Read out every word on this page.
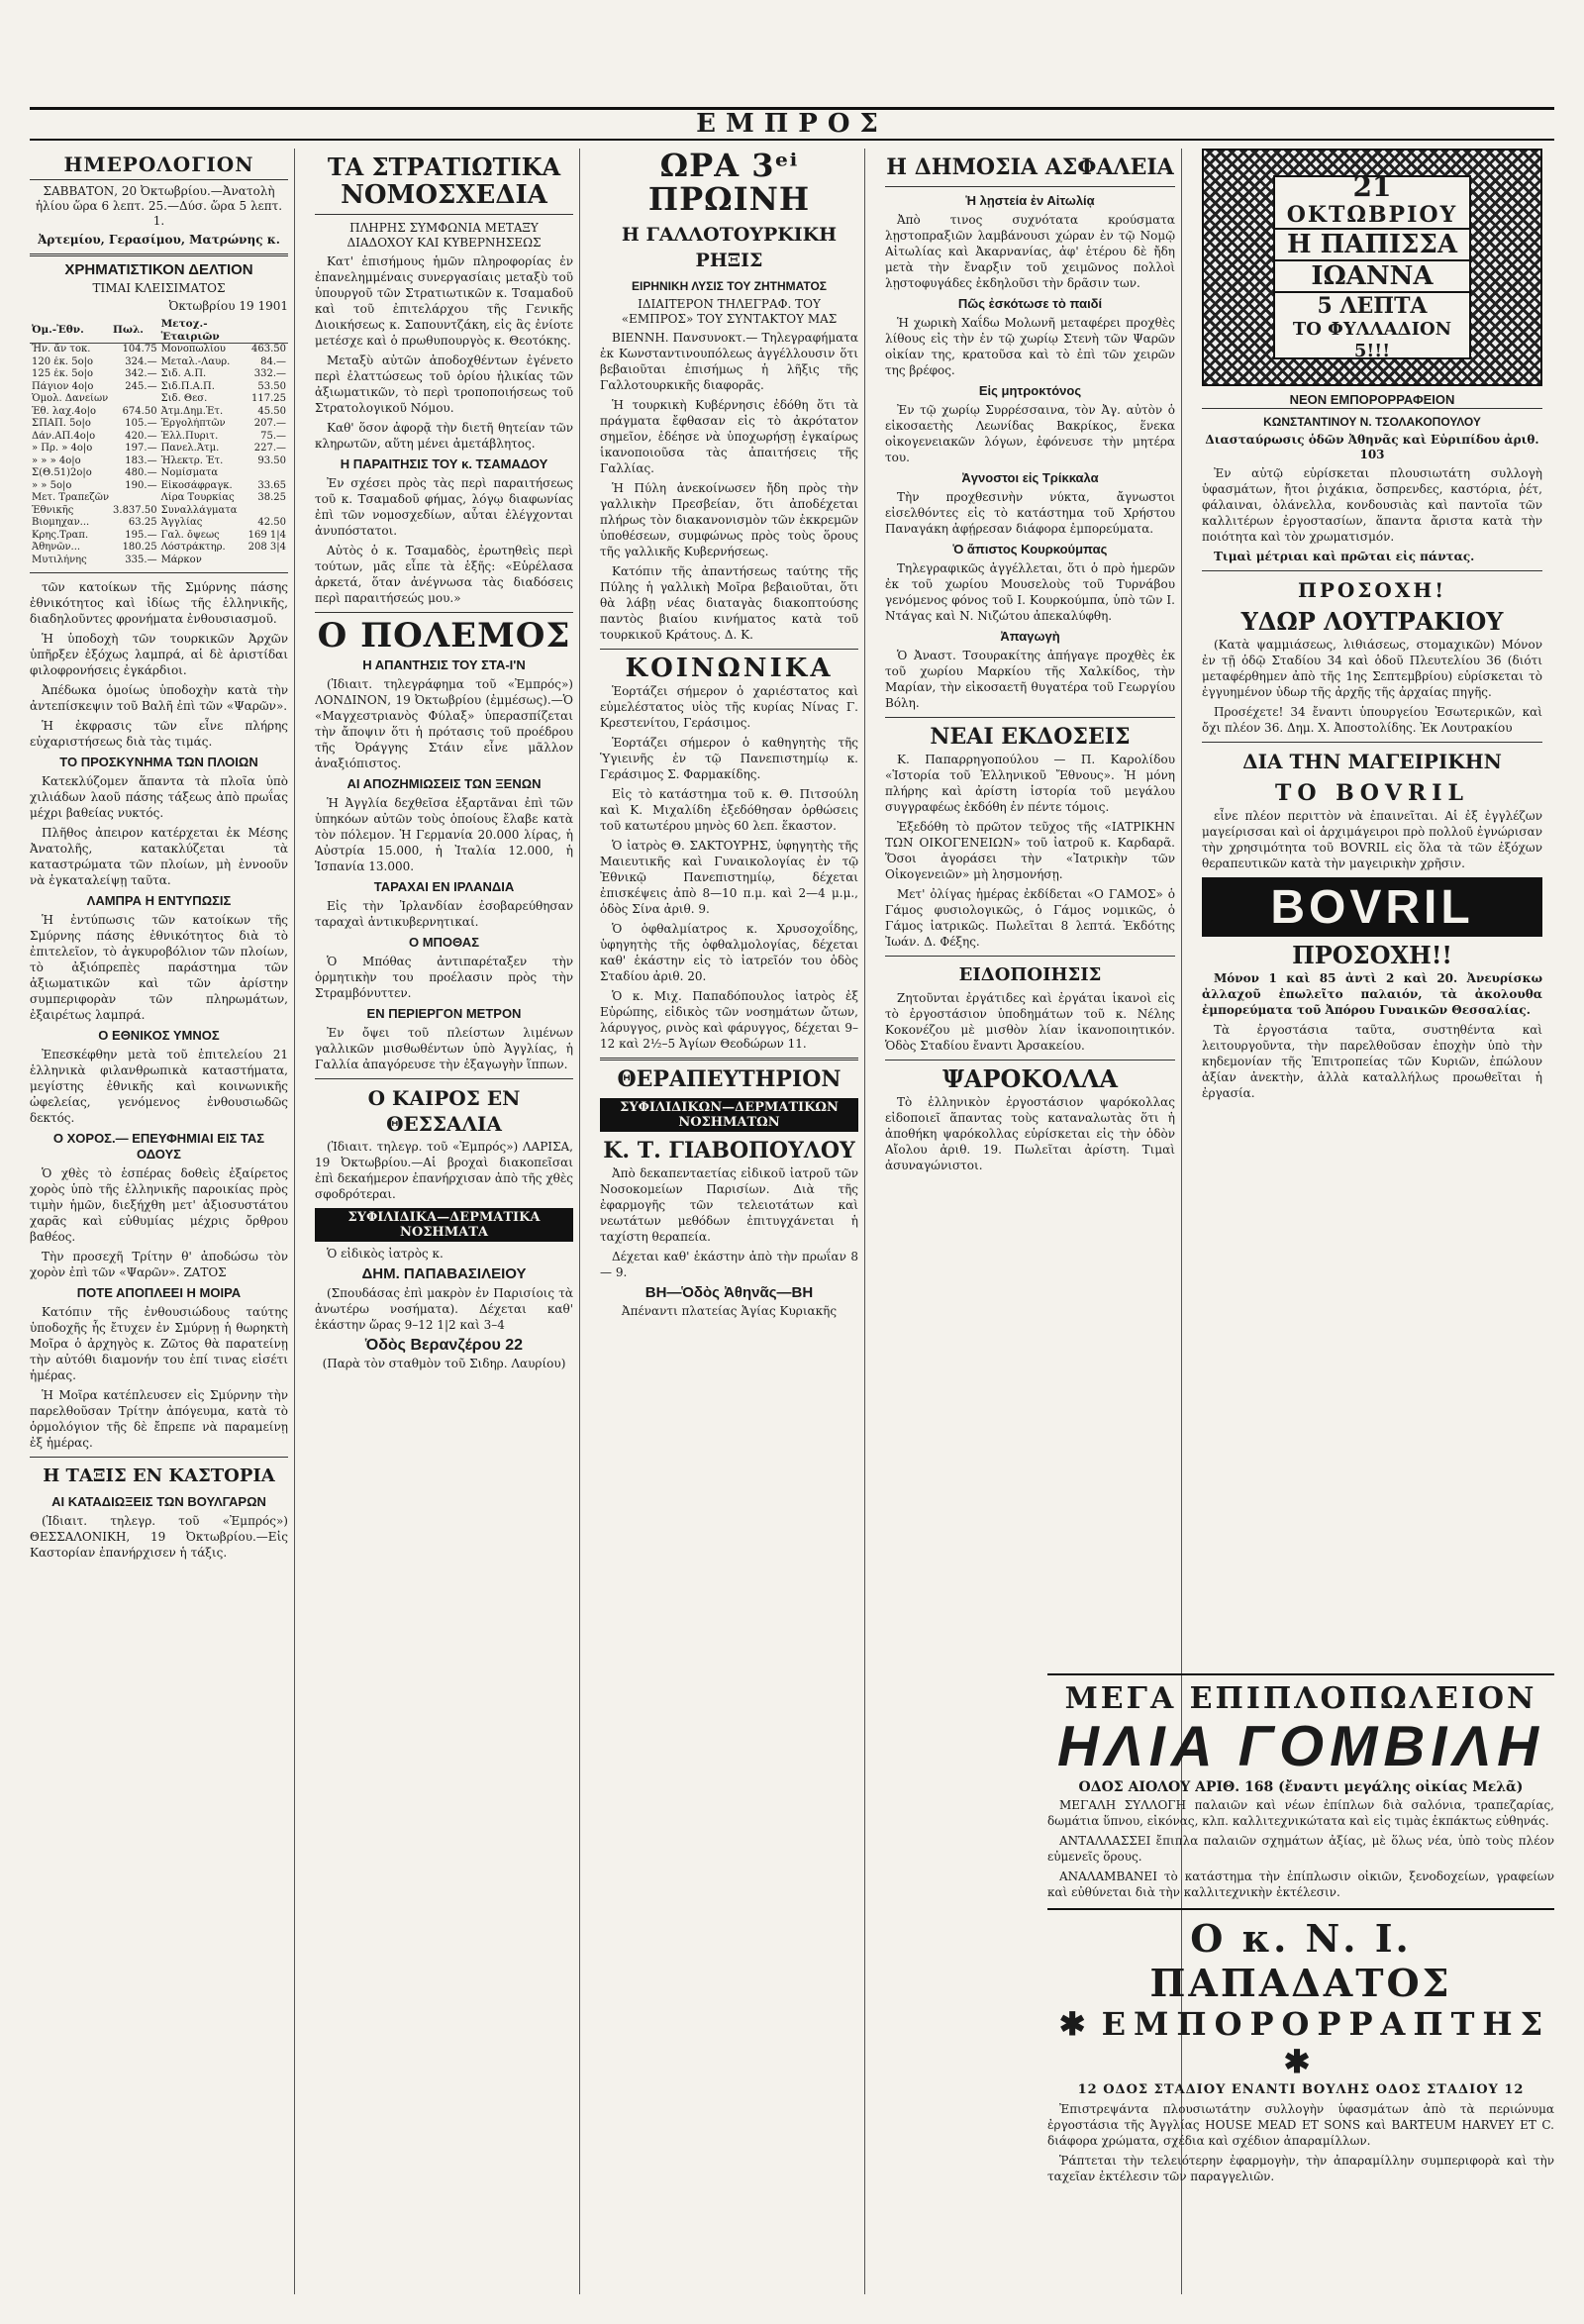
ΕΜΠΡΟΣ
ΗΜΕΡΟΛΟΓΙΟΝ
ΣΑΒΒΑΤΟΝ, 20 Ὀκτωβρίου.—Ἀνατολὴ ἡλίου ὥρα 6 λεπτ. 25.—Δύσ. ὥρα 5 λεπτ. 1.
Ἀρτεμίου, Γερασίμου, Ματρώνης κ.
ΧΡΗΜΑΤΙΣΤΙΚΟΝ ΔΕΛΤΙΟΝ
ΤΙΜΑΙ ΚΛΕΙΣΙΜΑΤΟΣ
Ὀκτωβρίου 19 1901
Ὀμ.-Ἐθν.	Πωλ.	Μετοχ.-Ἑταιριῶν	
Ἠν. ἄν τοκ.	104.75	Μονοπωλίου	463.50
120 ἐκ. 5ο|ο	324.—	Μεταλ.-Λαυρ.	84.—
125 ἐκ. 5ο|ο	342.—	Σιδ. Α.Π.	332.—
Πάγιον 4ο|ο	245.—	Σιδ.Π.Α.Π.	53.50
Ὁμολ. Δανείων		Σιδ. Θεσ.	117.25
Ἐθ. λαχ.4ο|ο	674.50	Ἀτμ.Δημ.Ἐτ.	45.50
ΣΠΑΠ. 5ο|ο	105.—	Ἐργολήπτῶν	207.—
Δάν.ΑΠ.4ο|ο	420.—	Ἐλλ.Πυριτ.	75.—
» Πρ. » 4ο|ο	197.—	Πανελ.Ἀτμ.	227.—
» » » 4ο|ο	183.—	Ἠλεκτρ. Ἐτ.	93.50
Σ(Θ.51)2ο|ο	480.—	Νομίσματα	
» » 5ο|ο	190.—	Εἰκοσάφραγκ.	33.65
Μετ. Τραπεζῶν		Λίρα Τουρκίας	38.25
Ἐθνικῆς	3.837.50	Συναλλάγματα	
Βιομηχαν...	63.25	Ἀγγλίας	42.50
Κρης.Τραπ.	195.—	Γαλ. ὄψεως	169 1|4
Ἀθηνῶν...	180.25	Λόστράκτηρ.	208 3|4
Μυτιλήνης	335.—	Μάρκον	

τῶν κατοίκων τῆς Σμύρνης πάσης ἐθνικότητος καὶ ἰδίως τῆς ἑλληνικῆς, διαδηλοῦντες φρονήματα ἐνθουσιασμοῦ.

Ἡ ὑποδοχὴ τῶν τουρκικῶν Ἀρχῶν ὑπῆρξεν ἐξόχως λαμπρά, αἱ δὲ ἀριστίδαι φιλοφρονήσεις ἐγκάρδιοι.

Ἀπέδωκα ὁμοίως ὑποδοχὴν κατὰ τὴν ἀντεπίσκεψιν τοῦ Βαλῆ ἐπὶ τῶν «Ψαρῶν».

Ἡ ἐκφρασις τῶν εἶνε πλήρης εὐχαριστήσεως διὰ τὰς τιμάς.

ΤΟ ΠΡΟΣΚΥΝΗΜΑ ΤΩΝ ΠΛΟΙΩΝ

Κατεκλύζομεν ἅπαντα τὰ πλοῖα ὑπὸ χιλιάδων λαοῦ πάσης τάξεως ἀπὸ πρωΐας μέχρι βαθείας νυκτός.

Πλῆθος ἀπειρον κατέρχεται ἐκ Μέσης Ἀνατολῆς, κατακλύζεται τὰ καταστρώματα τῶν πλοίων, μὴ ἐννοοῦν νὰ ἐγκαταλείψῃ ταῦτα.

ΛΑΜΠΡΑ Η ΕΝΤΥΠΩΣΙΣ

Ἡ ἐντύπωσις τῶν κατοίκων τῆς Σμύρνης πάσης ἐθνικότητος διὰ τὸ ἐπιτελεῖον, τὸ ἀγκυροβόλιον τῶν πλοίων, τὸ ἀξιόπρεπὲς παράστημα τῶν ἀξιωματικῶν καὶ τῶν ἀρίστην συμπεριφορὰν τῶν πληρωμάτων, ἐξαιρέτως λαμπρά.

Ο ΕΘΝΙΚΟΣ ΥΜΝΟΣ

Ἐπεσκέφθην μετὰ τοῦ ἐπιτελείου 21 ἑλληνικὰ φιλανθρωπικὰ καταστήματα, μεγίστης ἐθνικῆς καὶ κοινωνικῆς ὠφελείας, γενόμενος ἐνθουσιωδῶς δεκτός.

Ο ΧΟΡΟΣ.— ΕΠΕΥΦΗΜΙΑΙ ΕΙΣ ΤΑΣ ΟΔΟΥΣ

Ὁ χθὲς τὸ ἑσπέρας δοθεὶς ἐξαίρετος χορὸς ὑπὸ τῆς ἑλληνικῆς παροικίας πρὸς τιμὴν ἡμῶν, διεξήχθη μετ' ἀξιοσυστάτου χαρᾶς καὶ εὐθυμίας μέχρις ὄρθρου βαθέος.

Τὴν προσεχῆ Τρίτην θ' ἀποδώσω τὸν χορὸν ἐπὶ τῶν «Ψαρῶν». ΖΑΤΟΣ

ΠΟΤΕ ΑΠΟΠΛΕΕΙ Η ΜΟΙΡΑ

Κατόπιν τῆς ἐνθουσιώδους ταύτης ὑποδοχῆς ἧς ἔτυχεν ἐν Σμύρνῃ ἡ θωρηκτὴ Μοῖρα ὁ ἀρχηγὸς κ. Ζῶτος θὰ παρατείνῃ τὴν αὐτόθι διαμονήν του ἐπί τινας εἰσέτι ἡμέρας.

Ἡ Μοῖρα κατέπλευσεν εἰς Σμύρνην τὴν παρελθοῦσαν Τρίτην ἀπόγευμα, κατὰ τὸ ὁρμολόγιον τῆς δὲ ἔπρεπε νὰ παραμείνῃ ἐξ ἡμέρας.

Η ΤΑΞΙΣ ΕΝ ΚΑΣΤΟΡΙΑ
ΑΙ ΚΑΤΑΔΙΩΞΕΙΣ ΤΩΝ ΒΟΥΛΓΑΡΩΝ

(Ἰδιαιτ. τηλεγρ. τοῦ «Ἐμπρός») ΘΕΣΣΑΛΟΝΙΚΗ, 19 Ὀκτωβρίου.—Εἰς Καστορίαν ἐπανήρχισεν ἡ τάξις.

ΤΑ ΣΤΡΑΤΙΩΤΙΚΑ
ΝΟΜΟΣΧΕΔΙΑ
ΠΛΗΡΗΣ ΣΥΜΦΩΝΙΑ ΜΕΤΑΞΥ ΔΙΑΔΟΧΟΥ ΚΑΙ ΚΥΒΕΡΝΗΣΕΩΣ

Κατ' ἐπισήμους ἡμῶν πληροφορίας ἐν ἐπανελημμέναις συνεργασίαις μεταξὺ τοῦ ὑπουργοῦ τῶν Στρατιωτικῶν κ. Τσαμαδοῦ καὶ τοῦ ἐπιτελάρχου τῆς Γενικῆς Διοικήσεως κ. Σαπουντζάκη, εἰς ἃς ἐνίοτε μετέσχε καὶ ὁ πρωθυπουργὸς κ. Θεοτόκης.

Μεταξὺ αὐτῶν ἀποδοχθέντων ἐγένετο περὶ ἐλαττώσεως τοῦ ὁρίου ἡλικίας τῶν ἀξιωματικῶν, τὸ περὶ τροποποιήσεως τοῦ Στρατολογικοῦ Νόμου.

Καθ' ὅσον ἀφορᾷ τὴν διετῆ θητείαν τῶν κληρωτῶν, αὕτη μένει ἀμετάβλητος.

Η ΠΑΡΑΙΤΗΣΙΣ ΤΟΥ κ. ΤΣΑΜΑΔΟΥ

Ἐν σχέσει πρὸς τὰς περὶ παραιτήσεως τοῦ κ. Τσαμαδοῦ φήμας, λόγῳ διαφωνίας ἐπὶ τῶν νομοσχεδίων, αὗται ἐλέγχονται ἀνυπόστατοι.

Αὐτὸς ὁ κ. Τσαμαδὸς, ἐρωτηθεὶς περὶ τούτων, μᾶς εἶπε τὰ ἑξῆς: «Εὑρέλασα ἀρκετά, ὅταν ἀνέγνωσα τὰς διαδόσεις περὶ παραιτήσεώς μου.»

Ο ΠΟΛΕΜΟΣ
Η ΑΠΑΝΤΗΣΙΣ ΤΟΥ ΣΤΑ-Ι'Ν

(Ἰδιαιτ. τηλεγράφημα τοῦ «Ἐμπρός») ΛΟΝΔΙΝΟΝ, 19 Ὀκτωβρίου (ἐμμέσως).—Ὁ «Μαγχεστριανὸς Φύλαξ» ὑπερασπίζεται τὴν ἄποψιν ὅτι ἡ πρότασις τοῦ προέδρου τῆς Ὀράγγης Στάιν εἶνε μᾶλλον ἀναξιόπιστος.

ΑΙ ΑΠΟΖΗΜΙΩΣΕΙΣ ΤΩΝ ΞΕΝΩΝ

Ἡ Ἀγγλία δεχθεῖσα ἐξαρτᾶναι ἐπὶ τῶν ὑπηκόων αὐτῶν τοὺς ὁποίους ἔλαβε κατὰ τὸν πόλεμον. Ἡ Γερμανία 20.000 λίρας, ἡ Αὐστρία 15.000, ἡ Ἰταλία 12.000, ἡ Ἱσπανία 13.000.

ΤΑΡΑΧΑΙ ΕΝ ΙΡΛΑΝΔΙΑ

Εἰς τὴν Ἰρλανδίαν ἐσοβαρεύθησαν ταραχαὶ ἀντικυβερνητικαί.

Ο ΜΠΟΘΑΣ

Ὁ Μπόθας ἀντιπαρέταξεν τὴν ὁρμητικὴν του προέλασιν πρὸς τὴν Στραμβόνυττεν.

ΕΝ ΠΕΡΙΕΡΓΟΝ ΜΕΤΡΟΝ

Ἐν ὄψει τοῦ πλείστων λιμένων γαλλικῶν μισθωθέντων ὑπὸ Ἀγγλίας, ἡ Γαλλία ἀπαγόρευσε τὴν ἐξαγωγὴν ἵππων.

Ο ΚΑΙΡΟΣ ΕΝ ΘΕΣΣΑΛΙΑ

(Ἰδιαιτ. τηλεγρ. τοῦ «Ἐμπρός») ΛΑΡΙΣΑ, 19 Ὀκτωβρίου.—Αἱ βροχαὶ διακοπεῖσαι ἐπὶ δεκαήμερον ἐπανήρχισαν ἀπὸ τῆς χθὲς σφοδρότεραι.

ΣΥΦΙΛΙΔΙΚΑ—ΔΕΡΜΑΤΙΚΑ ΝΟΣΗΜΑΤΑ

Ὁ εἰδικὸς ἰατρὸς κ.

ΔΗΜ. ΠΑΠΑΒΑΣΙΛΕΙΟΥ

(Σπουδάσας ἐπὶ μακρὸν ἐν Παρισίοις τὰ ἀνωτέρω νοσήματα). Δέχεται καθ' ἑκάστην ὥρας 9–12 1|2 καὶ 3–4

Ὁδὸς Βερανζέρου 22
(Παρὰ τὸν σταθμὸν τοῦ Σιδηρ. Λαυρίου)
ΩΡΑ 3ᵉⁱ ΠΡΩΙΝΗ
Η ΓΑΛΛΟΤΟΥΡΚΙΚΗ ΡΗΞΙΣ
ΕΙΡΗΝΙΚΗ ΛΥΣΙΣ ΤΟΥ ΖΗΤΗΜΑΤΟΣ
ΙΔΙΑΙΤΕΡΟΝ ΤΗΛΕΓΡΑΦ. ΤΟΥ «ΕΜΠΡΟΣ» ΤΟΥ ΣΥΝΤΑΚΤΟΥ ΜΑΣ

ΒΙΕΝΝΗ. Πανσυνοκτ.— Τηλεγραφήματα ἐκ Κωνσταντινουπόλεως ἀγγέλλουσιν ὅτι βεβαιοῦται ἐπισήμως ἡ λῆξις τῆς Γαλλοτουρκικῆς διαφορᾶς.

Ἡ τουρκικὴ Κυβέρνησις ἐδόθη ὅτι τὰ πράγματα ἔφθασαν εἰς τὸ ἀκρότατον σημεῖον, ἐδέησε νὰ ὑποχωρήσῃ ἐγκαίρως ἱκανοποιοῦσα τὰς ἀπαιτήσεις τῆς Γαλλίας.

Ἡ Πύλη ἀνεκοίνωσεν ἤδη πρὸς τὴν γαλλικὴν Πρεσβείαν, ὅτι ἀποδέχεται πλήρως τὸν διακανονισμὸν τῶν ἐκκρεμῶν ὑποθέσεων, συμφώνως πρὸς τοὺς ὅρους τῆς γαλλικῆς Κυβερνήσεως.

Κατόπιν τῆς ἀπαντήσεως ταύτης τῆς Πύλης ἡ γαλλικὴ Μοῖρα βεβαιοῦται, ὅτι θὰ λάβῃ νέας διαταγὰς διακοπτούσης παντὸς βιαίου κινήματος κατὰ τοῦ τουρκικοῦ Κράτους. Δ. Κ.

ΚΟΙΝΩΝΙΚΑ

Ἑορτάζει σήμερον ὁ χαριέστατος καὶ εὐμελέστατος υἱὸς τῆς κυρίας Νίνας Γ. Κρεστενίτου, Γεράσιμος.

Ἑορτάζει σήμερον ὁ καθηγητὴς τῆς Ὑγιεινῆς ἐν τῷ Πανεπιστημίῳ κ. Γεράσιμος Σ. Φαρμακίδης.

Εἰς τὸ κατάστημα τοῦ κ. Θ. Πιτσούλη καὶ Κ. Μιχαλίδη ἐξεδόθησαν ὀρθώσεις τοῦ κατωτέρου μηνὸς 60 λεπ. ἕκαστον.

Ὁ ἰατρὸς Θ. ΣΑΚΤΟΥΡΗΣ, ὑφηγητὴς τῆς Μαιευτικῆς καὶ Γυναικολογίας ἐν τῷ Ἐθνικῷ Πανεπιστημίῳ, δέχεται ἐπισκέψεις ἀπὸ 8—10 π.μ. καὶ 2—4 μ.μ., ὁδὸς Σίνα ἀριθ. 9.

Ὁ ὁφθαλμίατρος κ. Χρυσοχοΐδης, ὑφηγητὴς τῆς ὀφθαλμολογίας, δέχεται καθ' ἑκάστην εἰς τὸ ἰατρεῖόν του ὁδὸς Σταδίου ἀριθ. 20.

Ὁ κ. Μιχ. Παπαδόπουλος ἰατρὸς ἐξ Εὐρώπης, εἰδικὸς τῶν νοσημάτων ὤτων, λάρυγγος, ρινὸς καὶ φάρυγγος, δέχεται 9–12 καὶ 2½–5 Ἀγίων Θεοδώρων 11.

ΘΕΡΑΠΕΥΤΗΡΙΟΝ
ΣΥΦΙΛΙΔΙΚΩΝ—ΔΕΡΜΑΤΙΚΩΝ ΝΟΣΗΜΑΤΩΝ
Κ. Τ. ΓΙΑΒΟΠΟΥΛΟΥ

Ἀπὸ δεκαπενταετίας εἰδικοῦ ἰατροῦ τῶν Νοσοκομείων Παρισίων. Διὰ τῆς ἐφαρμογῆς τῶν τελειοτάτων καὶ νεωτάτων μεθόδων ἐπιτυγχάνεται ἡ ταχίστη θεραπεία.

Δέχεται καθ' ἑκάστην ἀπὸ τὴν πρωΐαν 8 — 9.

ΒΗ—Ὁδὸς Ἀθηνᾶς—ΒΗ
Ἀπέναντι πλατείας Ἁγίας Κυριακῆς
Η ΔΗΜΟΣΙΑ ΑΣΦΑΛΕΙΑ
Ἡ λῃστεία ἐν Αἰτωλίᾳ

Ἀπὸ τινος συχνότατα κρούσματα λῃστοπραξιῶν λαμβάνουσι χώραν ἐν τῷ Νομῷ Αἰτωλίας καὶ Ἀκαρνανίας, ἀφ' ἑτέρου δὲ ἤδη μετὰ τὴν ἔναρξιν τοῦ χειμῶνος πολλοὶ λῃστοφυγάδες ἐκδηλοῦσι τὴν δρᾶσιν των.

Πῶς ἐσκότωσε τὸ παιδί

Ἡ χωρικὴ Χαΐδω Μολωνῆ μεταφέρει προχθὲς λίθους εἰς τὴν ἐν τῷ χωρίῳ Στενὴ τῶν Ψαρῶν οἰκίαν της, κρατοῦσα καὶ τὸ ἐπὶ τῶν χειρῶν της βρέφος.

Εἰς μητροκτόνος

Ἐν τῷ χωρίῳ Συρρέσσαινα, τὸν Ἀγ. αὐτὸν ὁ εἰκοσαετὴς Λεωνίδας Βακρίκος, ἕνεκα οἰκογενειακῶν λόγων, ἐφόνευσε τὴν μητέρα του.

Ἀγνοστοι εἰς Τρίκκαλα

Τὴν προχθεσινὴν νύκτα, ἄγνωστοι εἰσελθόντες εἰς τὸ κατάστημα τοῦ Χρήστου Παναγάκη ἀφῄρεσαν διάφορα ἐμπορεύματα.

Ὁ ἄπιστος Κουρκούμπας

Τηλεγραφικῶς ἀγγέλλεται, ὅτι ὁ πρὸ ἡμερῶν ἐκ τοῦ χωρίου Μουσελοὺς τοῦ Τυρνάβου γενόμενος φόνος τοῦ Ι. Κουρκούμπα, ὑπὸ τῶν Ι. Ντάγας καὶ Ν. Νιζώτου ἀπεκαλύφθη.

Ἀπαγωγὴ

Ὁ Ἀναστ. Τσουρακίτης ἀπήγαγε προχθὲς ἐκ τοῦ χωρίου Μαρκίου τῆς Χαλκίδος, τὴν Μαρίαν, τὴν εἰκοσαετῆ θυγατέρα τοῦ Γεωργίου Βόλη.

ΝΕΑΙ ΕΚΔΟΣΕΙΣ

Κ. Παπαρρηγοπούλου — Π. Καρολίδου «Ἱστορία τοῦ Ἑλληνικοῦ Ἔθνους». Ἡ μόνη πλήρης καὶ ἀρίστη ἱστορία τοῦ μεγάλου συγγραφέως ἐκδόθη ἐν πέντε τόμοις.

Ἐξεδόθη τὸ πρῶτον τεῦχος τῆς «ΙΑΤΡΙΚΗΝ ΤΩΝ ΟΙΚΟΓΕΝΕΙΩΝ» τοῦ ἰατροῦ κ. Καρδαρᾶ. Ὅσοι ἀγοράσει τὴν «Ἰατρικὴν τῶν Οἰκογενειῶν» μὴ λησμονήσῃ.

Μετ' ὀλίγας ἡμέρας ἐκδίδεται «Ο ΓΑΜΟΣ» ὁ Γάμος φυσιολογικῶς, ὁ Γάμος νομικῶς, ὁ Γάμος ἰατρικῶς. Πωλεῖται 8 λεπτά. Ἐκδότης Ἰωάν. Δ. Φέξης.

ΕΙΔΟΠΟΙΗΣΙΣ

Ζητοῦνται ἐργάτιδες καὶ ἐργάται ἱκανοὶ εἰς τὸ ἐργοστάσιον ὑποδημάτων τοῦ κ. Νέλης Κοκονέζου μὲ μισθὸν λίαν ἱκανοποιητικόν. Ὁδὸς Σταδίου ἔναντι Ἀρσακείου.

ΨΑΡΟΚΟΛΛΑ

Τὸ ἑλληνικὸν ἐργοστάσιον ψαρόκολλας εἰδοποιεῖ ἅπαντας τοὺς καταναλωτὰς ὅτι ἡ ἀποθήκη ψαρόκολλας εὑρίσκεται εἰς τὴν ὁδὸν Αἴολου ἀριθ. 19. Πωλεῖται ἀρίστη. Τιμαὶ ἀσυναγώνιστοι.

21
ΟΚΤΩΒΡΙΟΥ
Η ΠΑΠΙΣΣΑ
ΙΩΑΝΝΑ
5 ΛΕΠΤΑ
ΤΟ ΦΥΛΛΑΔΙΟΝ
5!!!
ΝΕΟΝ ΕΜΠΟΡΟΡΡΑΦΕΙΟΝ
ΚΩΝΣΤΑΝΤΙΝΟΥ Ν. ΤΣΟΛΑΚΟΠΟΥΛΟΥ
Διασταύρωσις ὁδῶν Ἀθηνᾶς καὶ Εὐριπίδου ἀριθ. 103

Ἐν αὐτῷ εὑρίσκεται πλουσιωτάτη συλλογὴ ὑφασμάτων, ἤτοι ῥιχάκια, ὄσπρενδες, καστόρια, ῥέτ, φάλαιναι, ὀλάνελλα, κονδουσιὰς καὶ παντοῖα τῶν καλλιτέρων ἐργοστασίων, ἅπαντα ἄριστα κατὰ τὴν ποιότητα καὶ τὸν χρωματισμόν.

Τιμαὶ μέτριαι καὶ πρῶται εἰς πάντας.

ΠΡΟΣΟΧΗ!
ΥΔΩΡ ΛΟΥΤΡΑΚΙΟΥ

(Κατὰ ψαμμιάσεως, λιθιάσεως, στομαχικῶν) Μόνον ἐν τῇ ὁδῷ Σταδίου 34 καὶ ὁδοῦ Πλευτελίου 36 (διότι μεταφέρθημεν ἀπὸ τῆς 1ης Σεπτεμβρίου) εὑρίσκεται τὸ ἐγγυημένον ὑδωρ τῆς ἀρχῆς τῆς ἀρχαίας πηγῆς.

Προσέχετε! 34 ἔναντι ὑπουργείου Ἐσωτερικῶν, καὶ ὄχι πλέον 36. Δημ. Χ. Ἀποστολίδης. Ἐκ Λουτρακίου

ΔΙΑ ΤΗΝ ΜΑΓΕΙΡΙΚΗΝ
ΤΟ ΒΟVRIL

εἶνε πλέον περιττὸν νὰ ἐπαινεῖται. Αἱ ἐξ ἐγγλέζων μαγείρισσαι καὶ οἱ ἀρχιμάγειροι πρὸ πολλοῦ ἐγνώρισαν τὴν χρησιμότητα τοῦ BOVRIL εἰς ὅλα τὰ τῶν ἐξόχων θεραπευτικῶν κατὰ τὴν μαγειρικὴν χρῆσιν.

BOVRIL
ΠΡΟΣΟΧΗ!!

Μόνον 1 καὶ 85 ἀντὶ 2 καὶ 20. Ἀνευρίσκω ἀλλαχοῦ ἐπωλεῖτο παλαιόν, τὰ ἀκολουθα ἐμπορεύματα τοῦ Ἀπόρου Γυναικῶν Θεσσαλίας.

Τὰ ἐργοστάσια ταῦτα, συστηθέντα καὶ λειτουργοῦντα, τὴν παρελθοῦσαν ἐποχὴν ὑπὸ τὴν κηδεμονίαν τῆς Ἐπιτροπείας τῶν Κυριῶν, ἐπώλουν ἀξίαν ἀνεκτὴν, ἀλλὰ καταλλήλως προωθεῖται ἡ ἐργασία.

ΜΕΓΑ ΕΠΙΠΛΟΠΩΛΕΙΟΝ
ΗΛΙΑ ΓΟΜΒΙΛΗ
ΟΔΟΣ ΑΙΟΛΟΥ ΑΡΙΘ. 168 (ἔναντι μεγάλης οἰκίας Μελᾶ)

ΜΕΓΑΛΗ ΣΥΛΛΟΓΗ παλαιῶν καὶ νέων ἐπίπλων διὰ σαλόνια, τραπεζαρίας, δωμάτια ὕπνου, εἰκόνας, κλπ. καλλιτεχνικώτατα καὶ εἰς τιμὰς ἐκπάκτως εὐθηνάς.

ΑΝΤΑΛΛΑΣΣΕΙ ἔπιπλα παλαιῶν σχημάτων ἀξίας, μὲ ὅλως νέα, ὑπὸ τοὺς πλέον εὐμενεῖς ὅρους.

ΑΝΑΛΑΜΒΑΝΕΙ τὸ κατάστημα τὴν ἐπίπλωσιν οἰκιῶν, ξενοδοχείων, γραφείων καὶ εὐθύνεται διὰ τὴν καλλιτεχνικὴν ἐκτέλεσιν.

Ο κ. Ν. Ι. ΠΑΠΑΔΑΤΟΣ
✱ ΕΜΠΟΡΟΡΡΑΠΤΗΣ✱
12 ΟΔΟΣ ΣΤΑΔΙΟΥ ΕΝΑΝΤΙ ΒΟΥΛΗΣ ΟΔΟΣ ΣΤΑΔΙΟΥ 12

Ἐπιστρεψάντα πλουσιωτάτην συλλογὴν ὑφασμάτων ἀπὸ τὰ περιώνυμα ἐργοστάσια τῆς Ἀγγλίας HOUSE MEAD ET SONS καὶ BARTEUM HARVEY ET C. διάφορα χρώματα, σχέδια καὶ σχέδιον ἀπαραμίλλων.

Ῥάπτεται τὴν τελειότερην ἐφαρμογὴν, τὴν ἀπαραμίλλην συμπεριφορὰ καὶ τὴν ταχεῖαν ἐκτέλεσιν τῶν παραγγελιῶν.
